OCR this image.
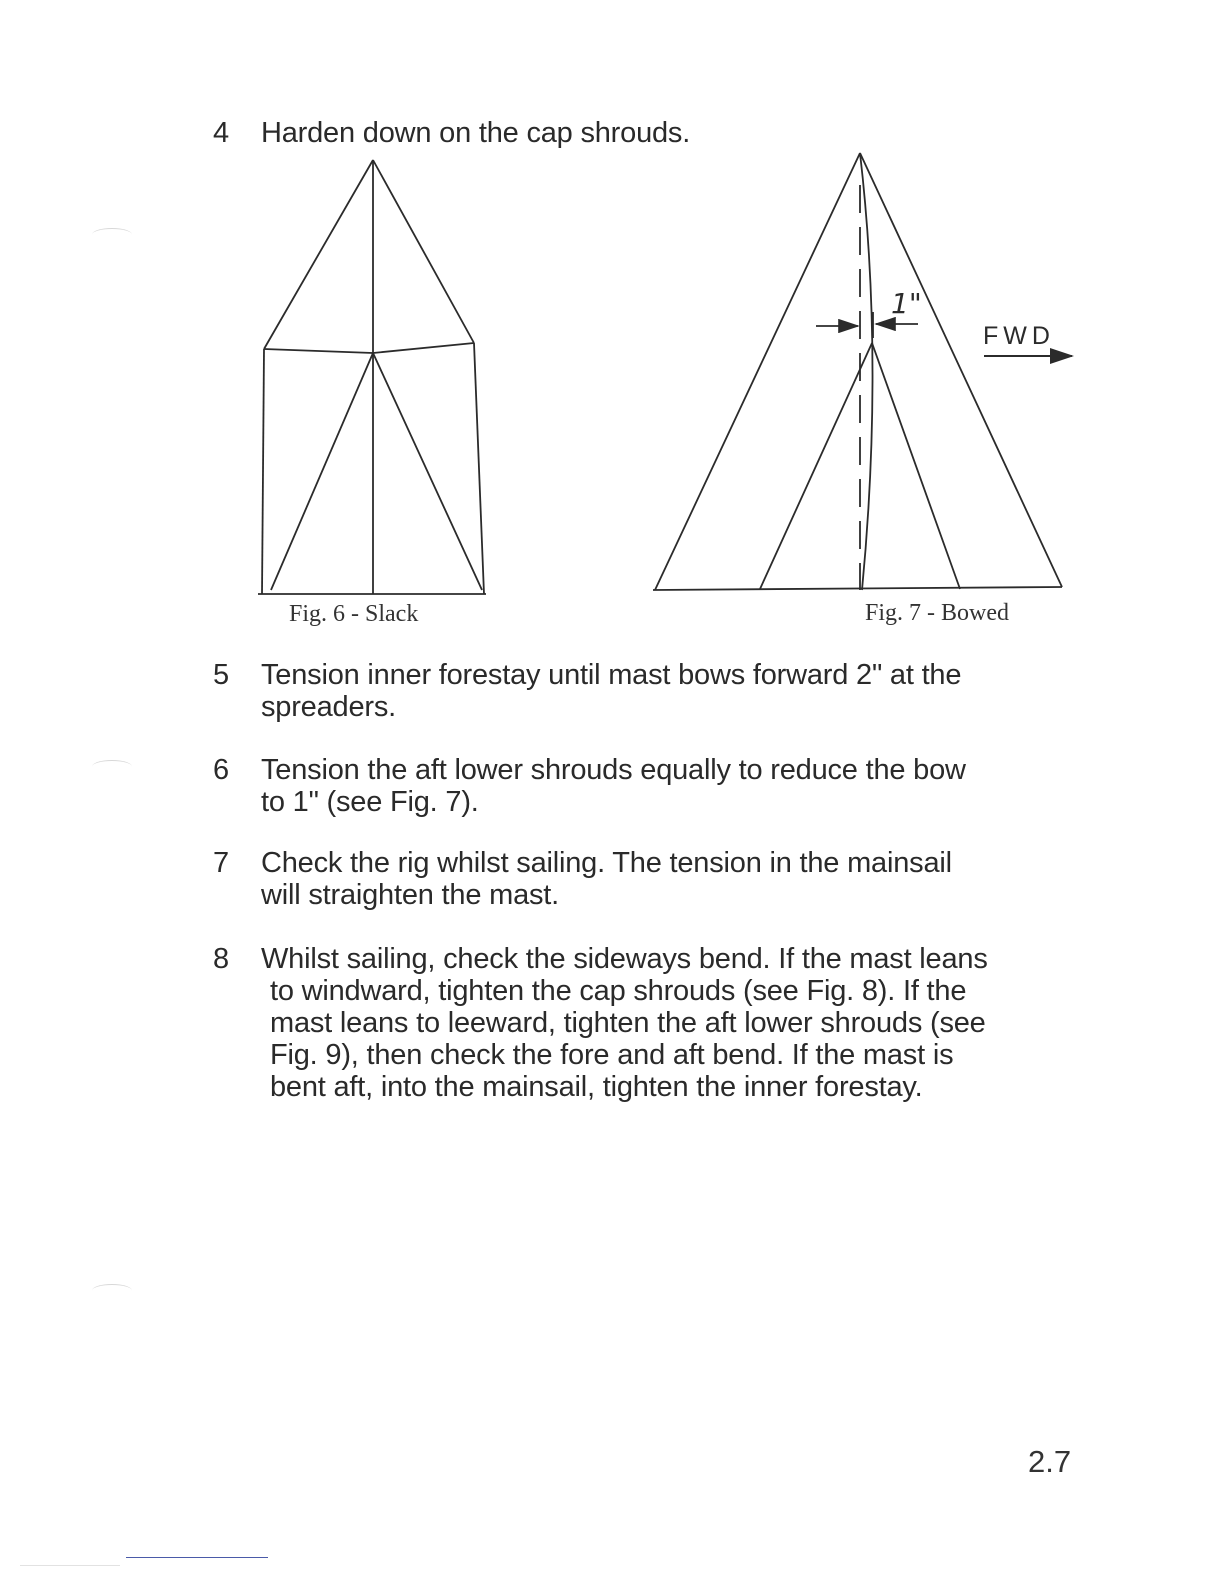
4 Harden down on the cap shrouds.
1"
FWD
Fig. 6 - Slack	Fig. 7 - Bowed
5 Tension inner forestay until mast bows forward 2" at the
spreaders.
6 Tension the aft lower shrouds equally to reduce the bow
to 1" (see Fig. 7).
7 Check the rig whilst sailing. The tension in the mainsail
will straighten the mast.
8 Whilst sailing, check the sideways bend. If the mast leans
to windward, tighten the cap shrouds (see Fig. 8). If the
mast leans to leeward, tighten the aft lower shrouds (see
Fig. 9), then check the fore and aft bend. If the mast is
bent aft, into the mainsail, tighten the inner forestay.
2.7
